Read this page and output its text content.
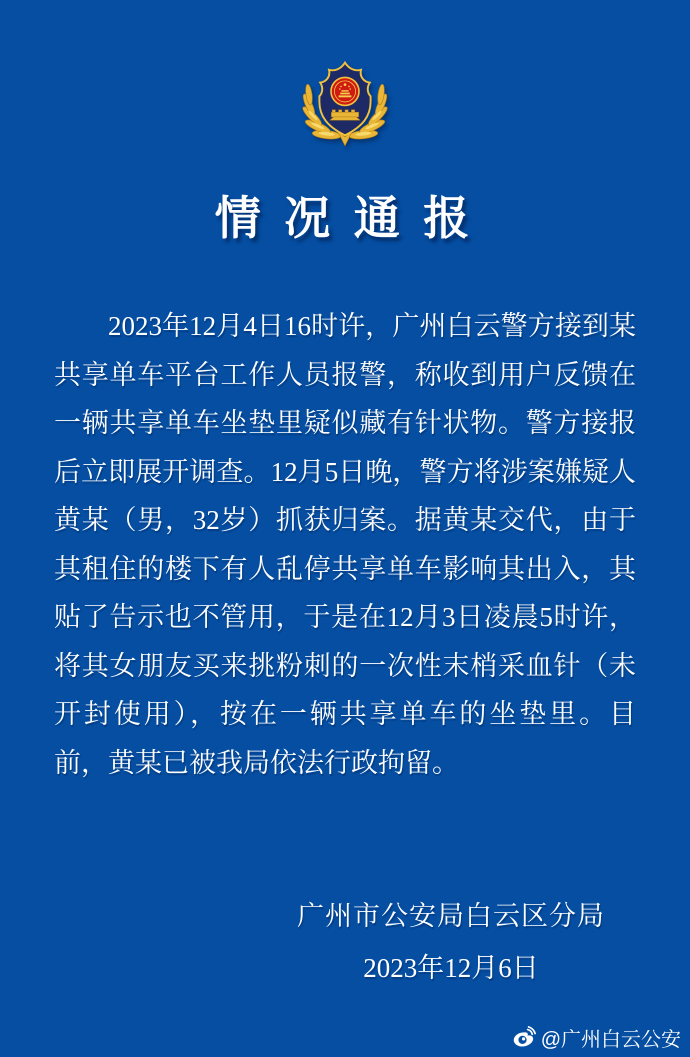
情 况 通 报
2023年12月4日16时许，广州白云警方接到某
共享单车平台工作人员报警，称收到用户反馈在
一辆共享单车坐垫里疑似藏有针状物。警方接报
后立即展开调查。12月5日晚，警方将涉案嫌疑人
黄某（男，32岁）抓获归案。据黄某交代，由于
其租住的楼下有人乱停共享单车影响其出入，其
贴了告示也不管用，于是在12月3日凌晨5时许，
将其女朋友买来挑粉刺的一次性末梢采血针（未
开封使用），按在一辆共享单车的坐垫里。目
前，黄某已被我局依法行政拘留。
广州市公安局白云区分局
2023年12月6日
@广州白云公安
